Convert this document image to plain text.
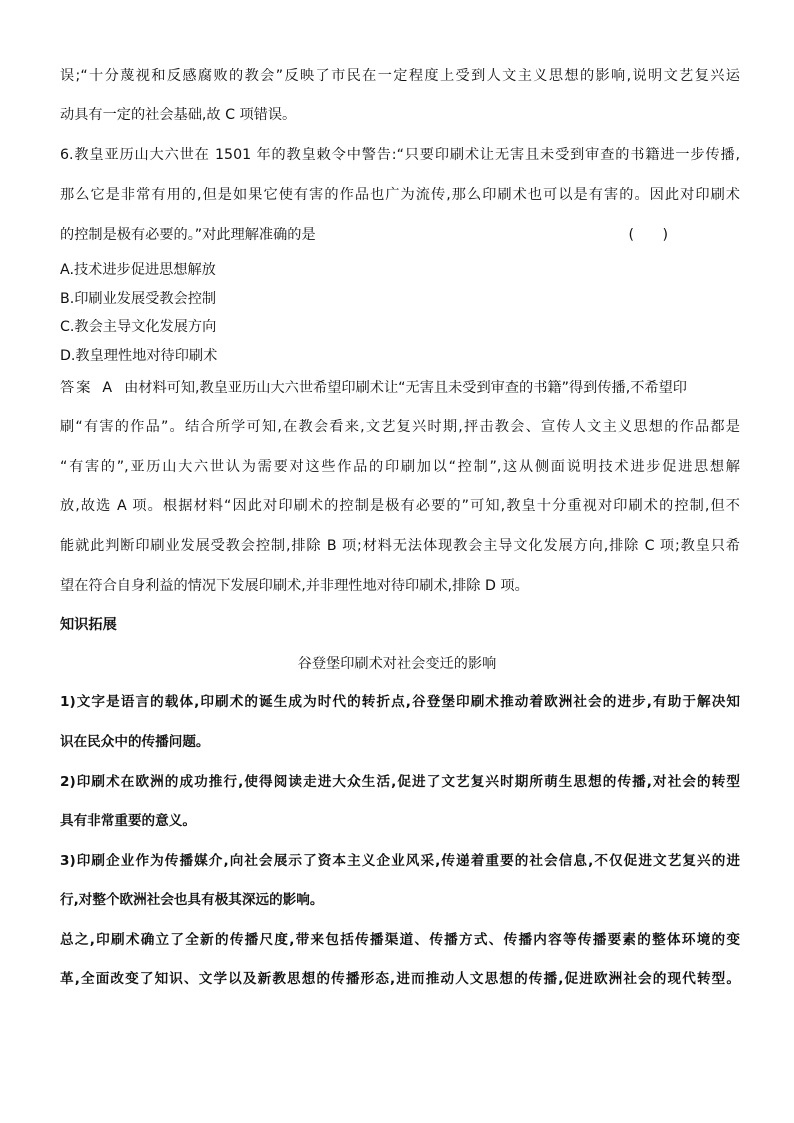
误;“十分蔑视和反感腐败的教会”反映了市民在一定程度上受到人文主义思想的影响,说明文艺复兴运
动具有一定的社会基础,故 C 项错误。
6.教皇亚历山大六世在 1501 年的教皇敕令中警告:“只要印刷术让无害且未受到审查的书籍进一步传播,
那么它是非常有用的,但是如果它使有害的作品也广为流传,那么印刷术也可以是有害的。因此对印刷术
的控制是极有必要的。”对此理解准确的是	(　　)
A.技术进步促进思想解放
B.印刷业发展受教会控制
C.教会主导文化发展方向
D.教皇理性地对待印刷术
答案 A 由材料可知,教皇亚历山大六世希望印刷术让“无害且未受到审查的书籍”得到传播,不希望印
刷“有害的作品”。结合所学可知,在教会看来,文艺复兴时期,抨击教会、宣传人文主义思想的作品都是
“有害的”,亚历山大六世认为需要对这些作品的印刷加以“控制”,这从侧面说明技术进步促进思想解
放,故选 A 项。根据材料“因此对印刷术的控制是极有必要的”可知,教皇十分重视对印刷术的控制,但不
能就此判断印刷业发展受教会控制,排除 B 项;材料无法体现教会主导文化发展方向,排除 C 项;教皇只希
望在符合自身利益的情况下发展印刷术,并非理性地对待印刷术,排除 D 项。
知识拓展
谷登堡印刷术对社会变迁的影响
1)文字是语言的载体,印刷术的诞生成为时代的转折点,谷登堡印刷术推动着欧洲社会的进步,有助于解决知
识在民众中的传播问题。
2)印刷术在欧洲的成功推行,使得阅读走进大众生活,促进了文艺复兴时期所萌生思想的传播,对社会的转型
具有非常重要的意义。
3)印刷企业作为传播媒介,向社会展示了资本主义企业风采,传递着重要的社会信息,不仅促进文艺复兴的进
行,对整个欧洲社会也具有极其深远的影响。
总之,印刷术确立了全新的传播尺度,带来包括传播渠道、传播方式、传播内容等传播要素的整体环境的变
革,全面改变了知识、文学以及新教思想的传播形态,进而推动人文思想的传播,促进欧洲社会的现代转型。
